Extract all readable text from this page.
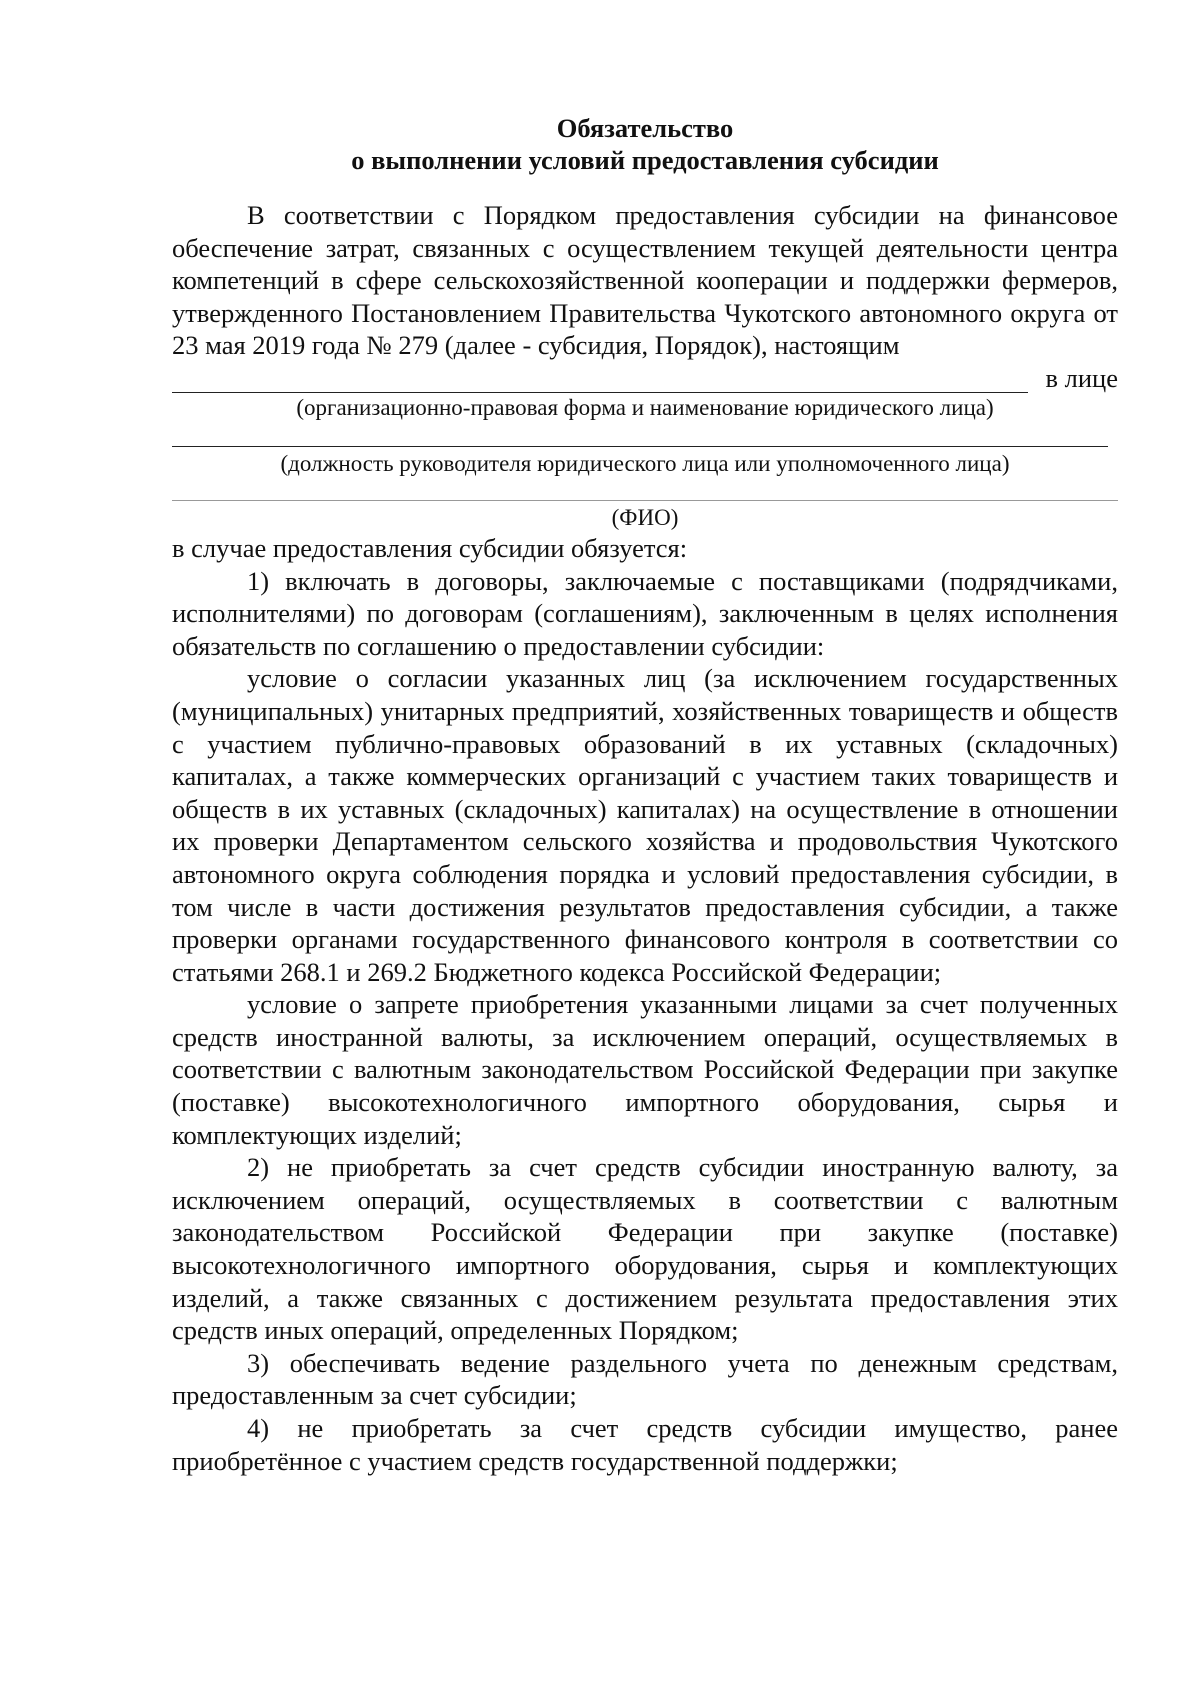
Обязательство

о выполнении условий предоставления субсидии

В соответствии с Порядком предоставления субсидии на финансовое обеспечение затрат, связанных с осуществлением текущей деятельности центра компетенций в сфере сельскохозяйственной кооперации и поддержки фермеров, утвержденного Постановлением Правительства Чукотского автономного округа от 23 мая 2019 года № 279 (далее - субсидия, Порядок), настоящим

в лице
(организационно-правовая форма и наименование юридического лица)
(должность руководителя юридического лица или уполномоченного лица)
(ФИО)

в случае предоставления субсидии обязуется:

1) включать в договоры, заключаемые с поставщиками (подрядчиками, исполнителями) по договорам (соглашениям), заключенным в целях исполнения обязательств по соглашению о предоставлении субсидии:

условие о согласии указанных лиц (за исключением государственных (муниципальных) унитарных предприятий, хозяйственных товариществ и обществ с участием публично-правовых образований в их уставных (складочных) капиталах, а также коммерческих организаций с участием таких товариществ и обществ в их уставных (складочных) капиталах) на осуществление в отношении их проверки Департаментом сельского хозяйства и продовольствия Чукотского автономного округа соблюдения порядка и условий предоставления субсидии, в том числе в части достижения результатов предоставления субсидии, а также проверки органами государственного финансового контроля в соответствии со статьями 268.1 и 269.2 Бюджетного кодекса Российской Федерации;

условие о запрете приобретения указанными лицами за счет полученных средств иностранной валюты, за исключением операций, осуществляемых в соответствии с валютным законодательством Российской Федерации при закупке (поставке) высокотехнологичного импортного оборудования, сырья и комплектующих изделий;

2) не приобретать за счет средств субсидии иностранную валюту, за исключением операций, осуществляемых в соответствии с валютным законодательством Российской Федерации при закупке (поставке) высокотехнологичного импортного оборудования, сырья и комплектующих изделий, а также связанных с достижением результата предоставления этих средств иных операций, определенных Порядком;

3) обеспечивать ведение раздельного учета по денежным средствам, предоставленным за счет субсидии;

4) не приобретать за счет средств субсидии имущество, ранее приобретённое с участием средств государственной поддержки;
